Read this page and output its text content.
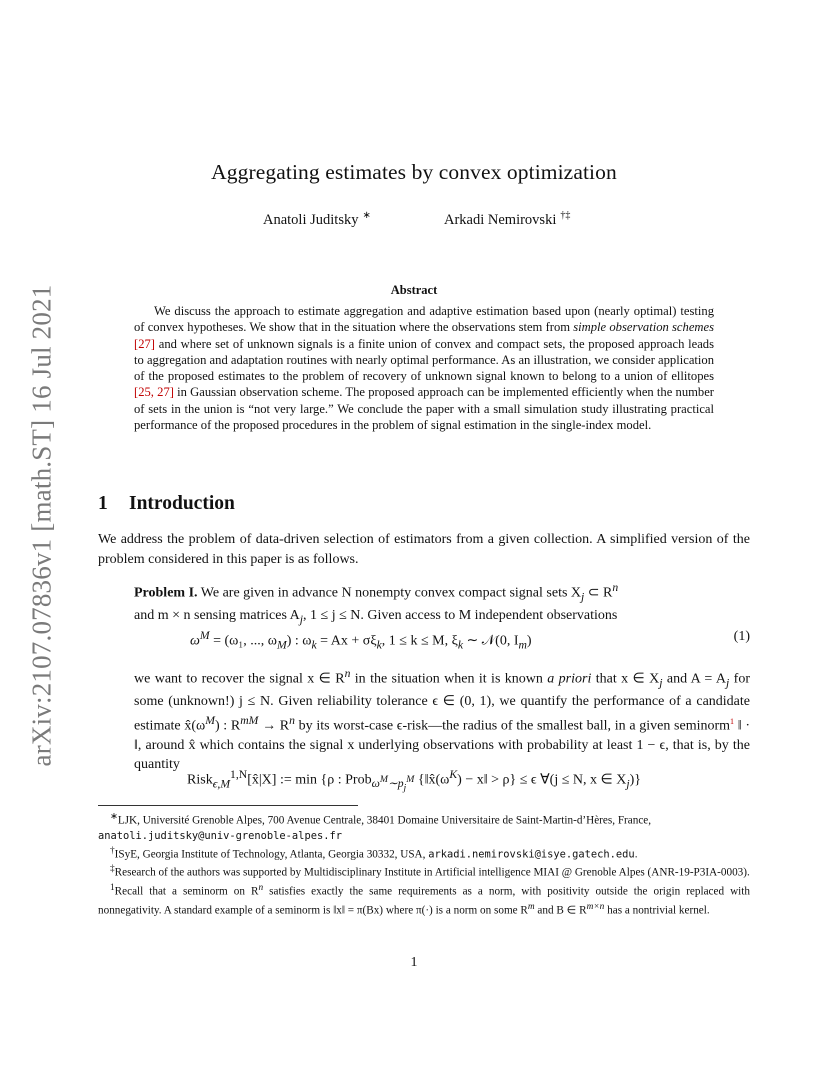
arXiv:2107.07836v1 [math.ST] 16 Jul 2021
Aggregating estimates by convex optimization
Anatoli Juditsky ∗	Arkadi Nemirovski †‡
Abstract

We discuss the approach to estimate aggregation and adaptive estimation based upon (nearly optimal) testing of convex hypotheses. We show that in the situation where the observations stem from simple observation schemes [27] and where set of unknown signals is a finite union of convex and compact sets, the proposed approach leads to aggregation and adaptation routines with nearly optimal performance. As an illustration, we consider application of the proposed estimates to the problem of recovery of unknown signal known to belong to a union of ellitopes [25, 27] in Gaussian observation scheme. The proposed approach can be implemented efficiently when the number of sets in the union is “not very large.” We conclude the paper with a small simulation study illustrating practical performance of the proposed procedures in the problem of signal estimation in the single-index model.

1 Introduction

We address the problem of data-driven selection of estimators from a given collection. A simplified version of the problem considered in this paper is as follows.

Problem I. We are given in advance N nonempty convex compact signal sets $X_j$ ⊂ $R^n$
and m × n sensing matrices $A_j$, 1 ≤ j ≤ N. Given access to M independent observations

$\omega^M = (\omega_1$, ..., $\omega_M$) : $\omega_k = Ax + \sigma\xi_k$, 1 ≤ k ≤ M, $\xi_k$ ∼ 𝒩(0, $I_m$)	(1)

we want to recover the signal x ∈ $R^n$ in the situation when it is known a priori that x ∈ $X_j$ and $A = A_j$ for some (unknown!) j ≤ N. Given reliability tolerance ϵ ∈ (0, 1), we quantify the performance of a candidate estimate $x̂(\omega^M)$ : $R^{mM} \to R^n$ by its worst-case ϵ-risk—the radius of the smallest ball, in a given seminorm$^1$ ‖ · ‖, around x̂ which contains the signal x underlying observations with probability at least 1 − ϵ, that is, by the quantity

Risk$_{\epsilon,M}^{1,N}$[x̂|X] := min {ρ : Prob$_{\omega^M\sim p_j^M}$ {$‖x̂(\omega^K)$ − x‖ > ρ} ≤ ϵ ∀(j ≤ N, x ∈ $X_j$)}

∗LJK, Université Grenoble Alpes, 700 Avenue Centrale, 38401 Domaine Universitaire de Saint-Martin-d’Hères, France,
anatoli.juditsky@univ-grenoble-alpes.fr

†ISyE, Georgia Institute of Technology, Atlanta, Georgia 30332, USA, arkadi.nemirovski@isye.gatech.edu.

‡Research of the authors was supported by Multidisciplinary Institute in Artificial intelligence MIAI @ Grenoble Alpes (ANR-19-P3IA-0003).

$^1$Recall that a seminorm on $R^n$ satisfies exactly the same requirements as a norm, with positivity outside the origin replaced with nonnegativity. A standard example of a seminorm is ‖x‖ = π(Bx) where π(·) is a norm on some $R^m$ and B ∈ $R^{m\times n}$ has a nontrivial kernel.

1
